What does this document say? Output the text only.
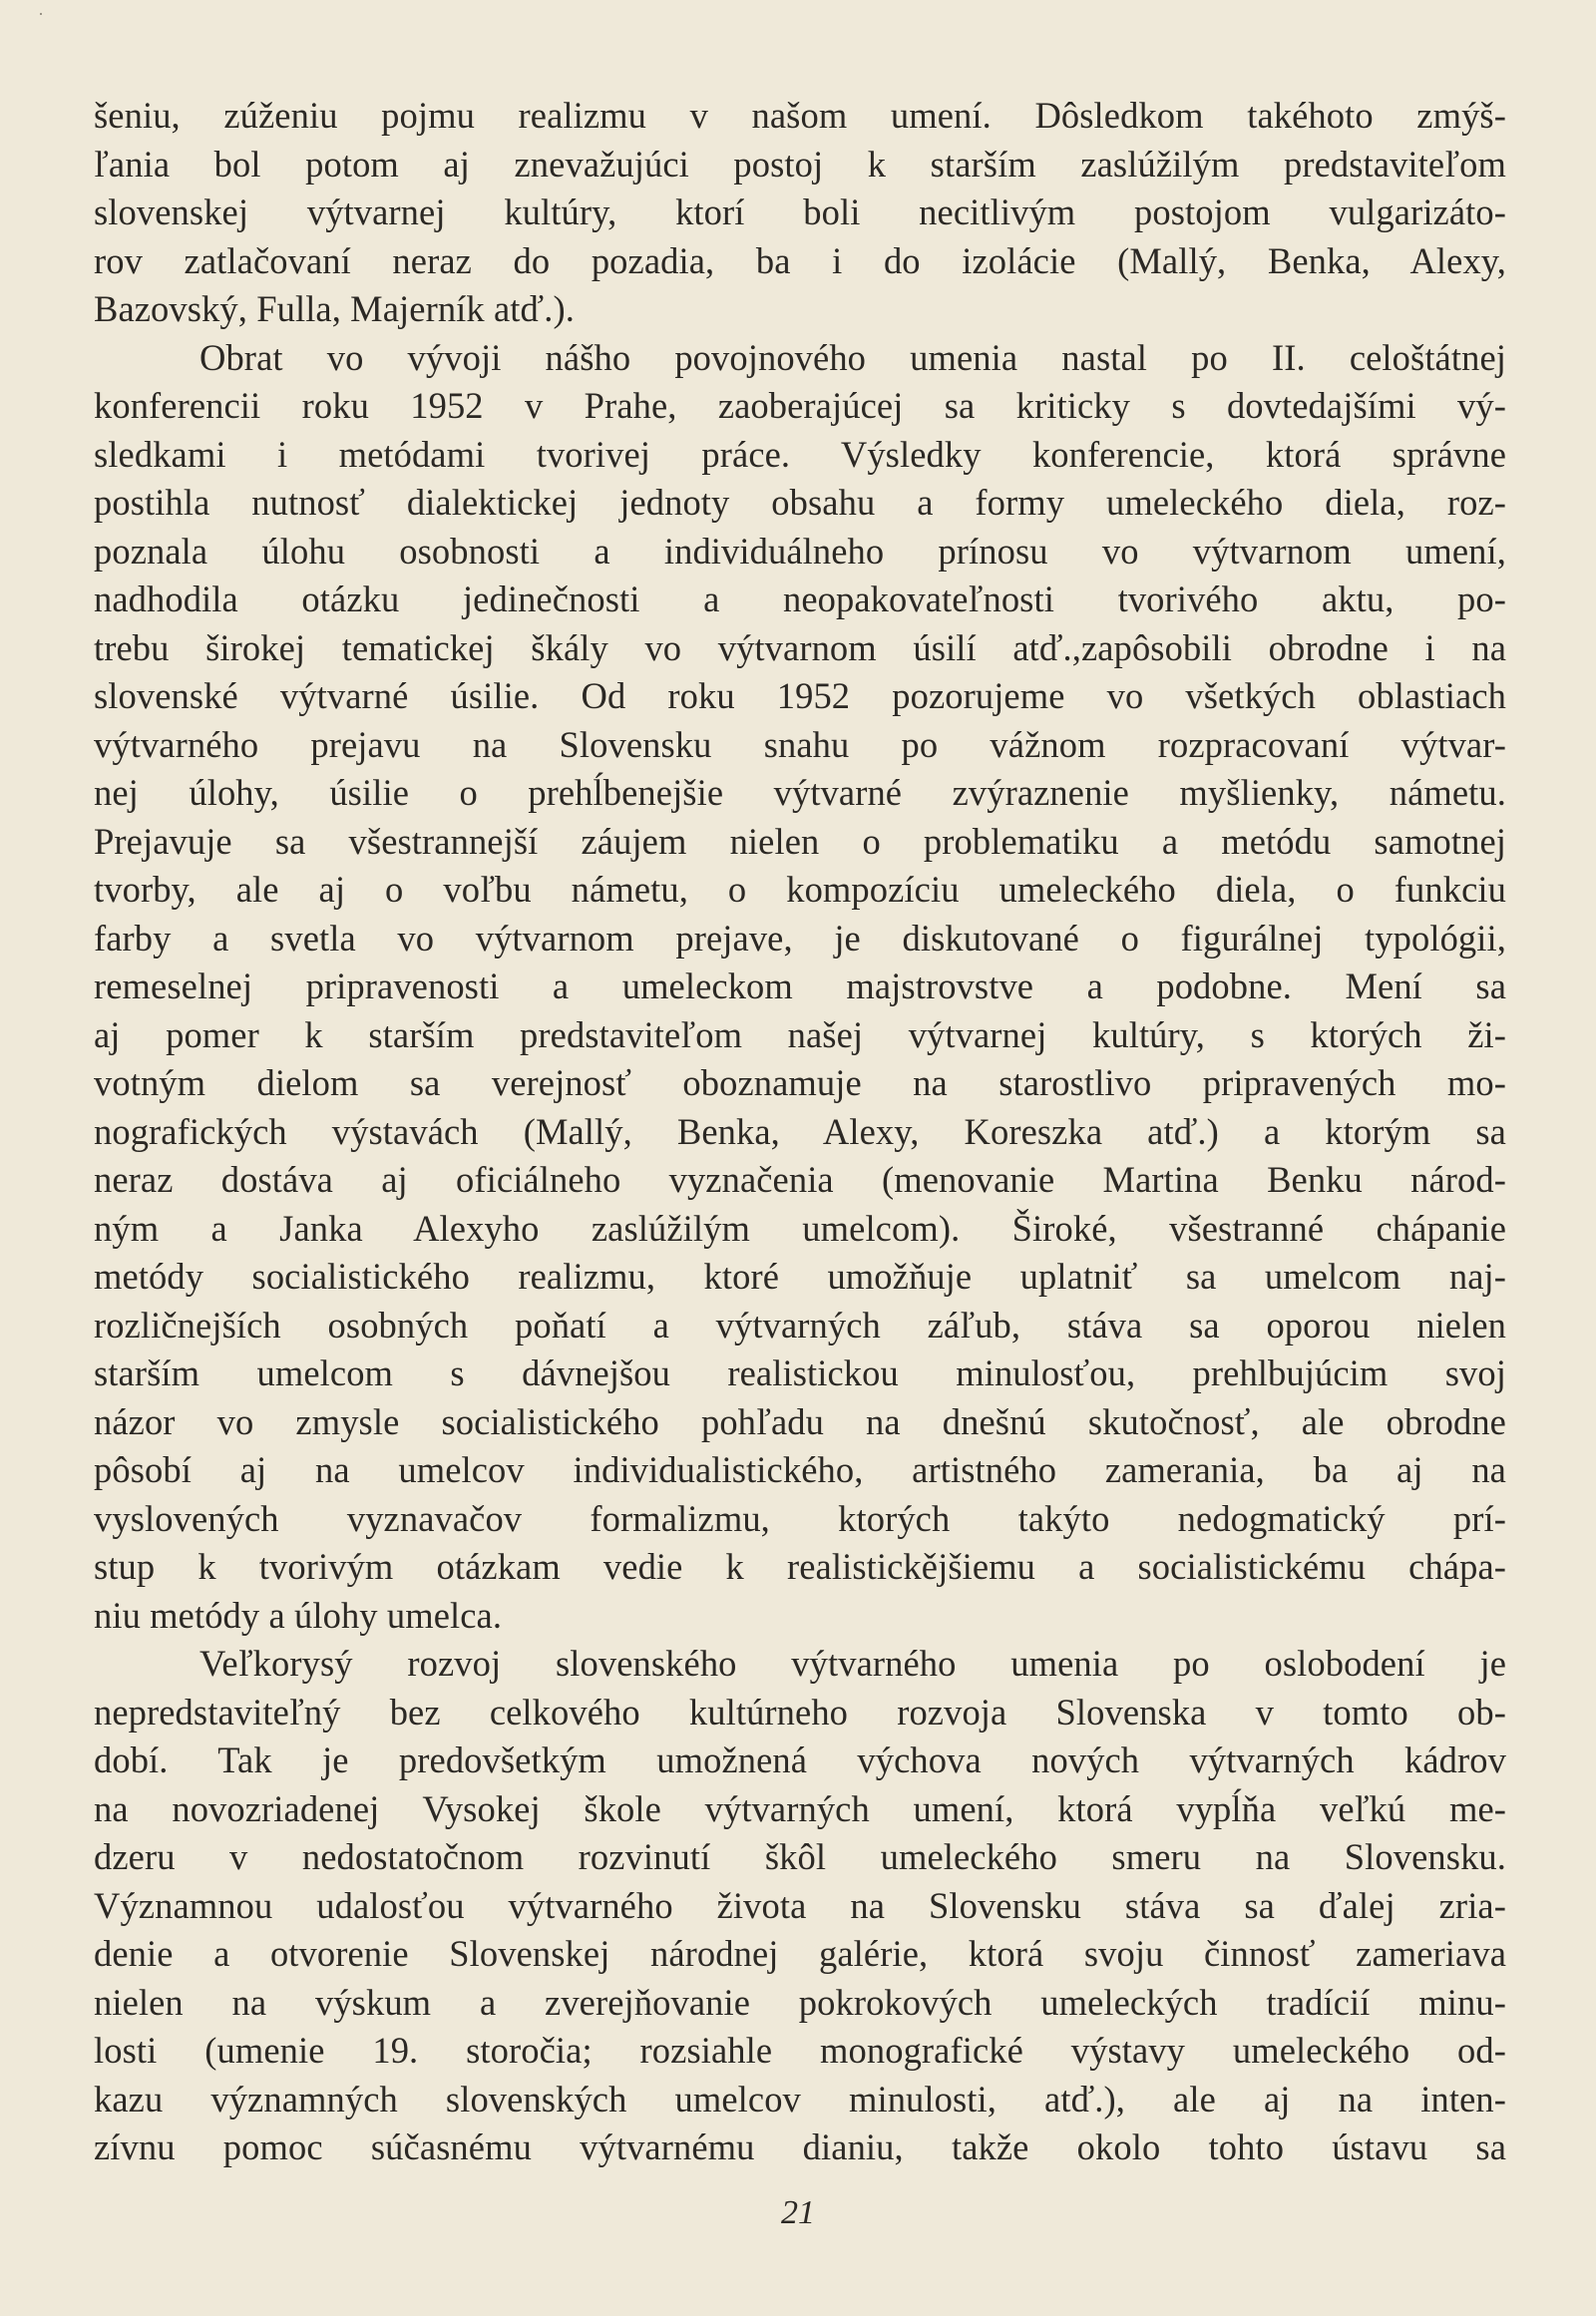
·
šeniu, zúženiu pojmu realizmu v našom umení. Dôsledkom takéhoto zmýš-
ľania bol potom aj znevažujúci postoj k starším zaslúžilým predstaviteľom
slovenskej výtvarnej kultúry, ktorí boli necitlivým postojom vulgarizáto-
rov zatlačovaní neraz do pozadia, ba i do izolácie (Mallý, Benka, Alexy,
Bazovský, Fulla, Majerník atď.).
Obrat vo vývoji nášho povojnového umenia nastal po II. celoštátnej
konferencii roku 1952 v Prahe, zaoberajúcej sa kriticky s dovtedajšími vý-
sledkami i metódami tvorivej práce. Výsledky konferencie, ktorá správne
postihla nutnosť dialektickej jednoty obsahu a formy umeleckého diela, roz-
poznala úlohu osobnosti a individuálneho prínosu vo výtvarnom umení,
nadhodila otázku jedinečnosti a neopakovateľnosti tvorivého aktu, po-
trebu širokej tematickej škály vo výtvarnom úsilí atď.,zapôsobili obrodne i na
slovenské výtvarné úsilie. Od roku 1952 pozorujeme vo všetkých oblastiach
výtvarného prejavu na Slovensku snahu po vážnom rozpracovaní výtvar-
nej úlohy, úsilie o prehĺbenejšie výtvarné zvýraznenie myšlienky, námetu.
Prejavuje sa všestrannejší záujem nielen o problematiku a metódu samotnej
tvorby, ale aj o voľbu námetu, o kompozíciu umeleckého diela, o funkciu
farby a svetla vo výtvarnom prejave, je diskutované o figurálnej typológii,
remeselnej pripravenosti a umeleckom majstrovstve a podobne. Mení sa
aj pomer k starším predstaviteľom našej výtvarnej kultúry, s ktorých ži-
votným dielom sa verejnosť oboznamuje na starostlivo pripravených mo-
nografických výstavách (Mallý, Benka, Alexy, Koreszka atď.) a ktorým sa
neraz dostáva aj oficiálneho vyznačenia (menovanie Martina Benku národ-
ným a Janka Alexyho zaslúžilým umelcom). Široké, všestranné chápanie
metódy socialistického realizmu, ktoré umožňuje uplatniť sa umelcom naj-
rozličnejších osobných poňatí a výtvarných záľub, stáva sa oporou nielen
starším umelcom s dávnejšou realistickou minulosťou, prehlbujúcim svoj
názor vo zmysle socialistického pohľadu na dnešnú skutočnosť, ale obrodne
pôsobí aj na umelcov individualistického, artistného zamerania, ba aj na
vyslovených vyznavačov formalizmu, ktorých takýto nedogmatický prí-
stup k tvorivým otázkam vedie k realistickějšiemu a socialistickému chápa-
niu metódy a úlohy umelca.
Veľkorysý rozvoj slovenského výtvarného umenia po oslobodení je
nepredstaviteľný bez celkového kultúrneho rozvoja Slovenska v tomto ob-
dobí. Tak je predovšetkým umožnená výchova nových výtvarných kádrov
na novozriadenej Vysokej škole výtvarných umení, ktorá vypĺňa veľkú me-
dzeru v nedostatočnom rozvinutí škôl umeleckého smeru na Slovensku.
Významnou udalosťou výtvarného života na Slovensku stáva sa ďalej zria-
denie a otvorenie Slovenskej národnej galérie, ktorá svoju činnosť zameriava
nielen na výskum a zverejňovanie pokrokových umeleckých tradícií minu-
losti (umenie 19. storočia; rozsiahle monografické výstavy umeleckého od-
kazu významných slovenských umelcov minulosti, atď.), ale aj na inten-
zívnu pomoc súčasnému výtvarnému dianiu, takže okolo tohto ústavu sa
21
